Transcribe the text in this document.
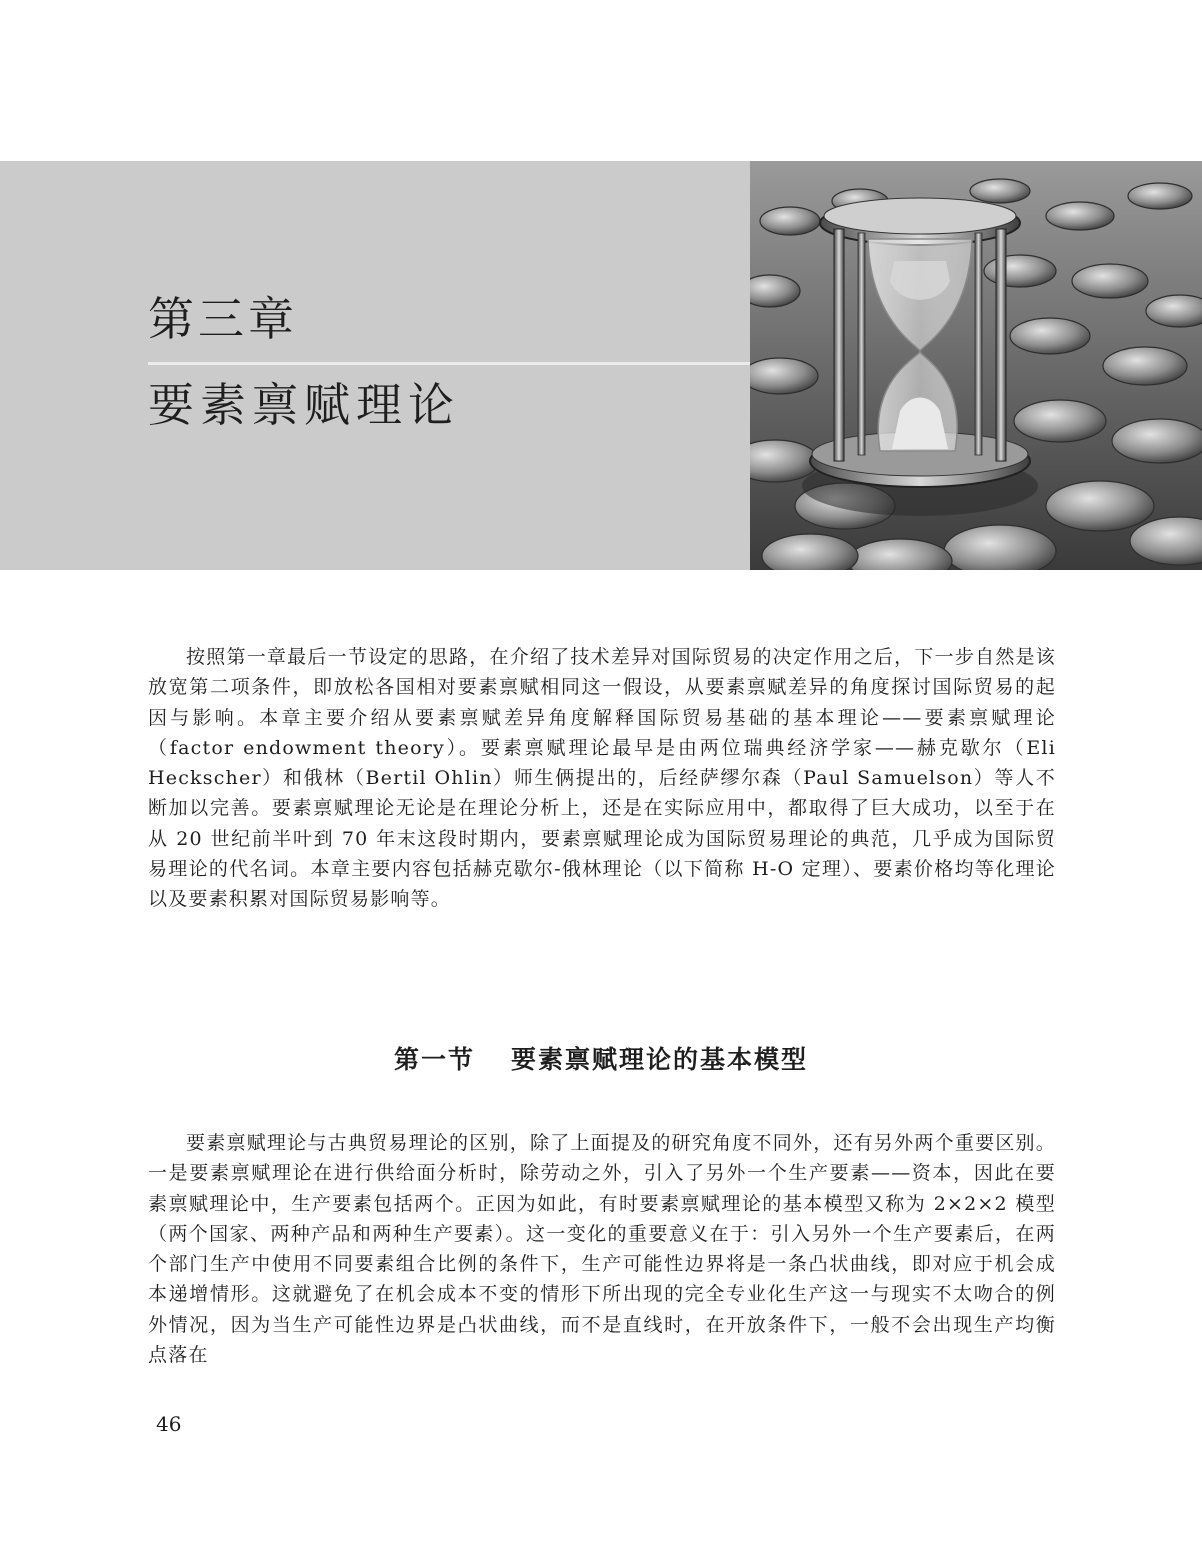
第三章
要素禀赋理论

按照第一章最后一节设定的思路，在介绍了技术差异对国际贸易的决定作用之后，下一步自然是该放宽第二项条件，即放松各国相对要素禀赋相同这一假设，从要素禀赋差异的角度探讨国际贸易的起因与影响。本章主要介绍从要素禀赋差异角度解释国际贸易基础的基本理论——要素禀赋理论（factor endowment theory）。要素禀赋理论最早是由两位瑞典经济学家——赫克歇尔（Eli Heckscher）和俄林（Bertil Ohlin）师生俩提出的，后经萨缪尔森（Paul Samuelson）等人不断加以完善。要素禀赋理论无论是在理论分析上，还是在实际应用中，都取得了巨大成功，以至于在从 20 世纪前半叶到 70 年末这段时期内，要素禀赋理论成为国际贸易理论的典范，几乎成为国际贸易理论的代名词。本章主要内容包括赫克歇尔-俄林理论（以下简称 H-O 定理）、要素价格均等化理论以及要素积累对国际贸易影响等。

第一节 要素禀赋理论的基本模型

要素禀赋理论与古典贸易理论的区别，除了上面提及的研究角度不同外，还有另外两个重要区别。一是要素禀赋理论在进行供给面分析时，除劳动之外，引入了另外一个生产要素——资本，因此在要素禀赋理论中，生产要素包括两个。正因为如此，有时要素禀赋理论的基本模型又称为 2×2×2 模型（两个国家、两种产品和两种生产要素）。这一变化的重要意义在于：引入另外一个生产要素后，在两个部门生产中使用不同要素组合比例的条件下，生产可能性边界将是一条凸状曲线，即对应于机会成本递增情形。这就避免了在机会成本不变的情形下所出现的完全专业化生产这一与现实不太吻合的例外情况，因为当生产可能性边界是凸状曲线，而不是直线时，在开放条件下，一般不会出现生产均衡点落在

46
